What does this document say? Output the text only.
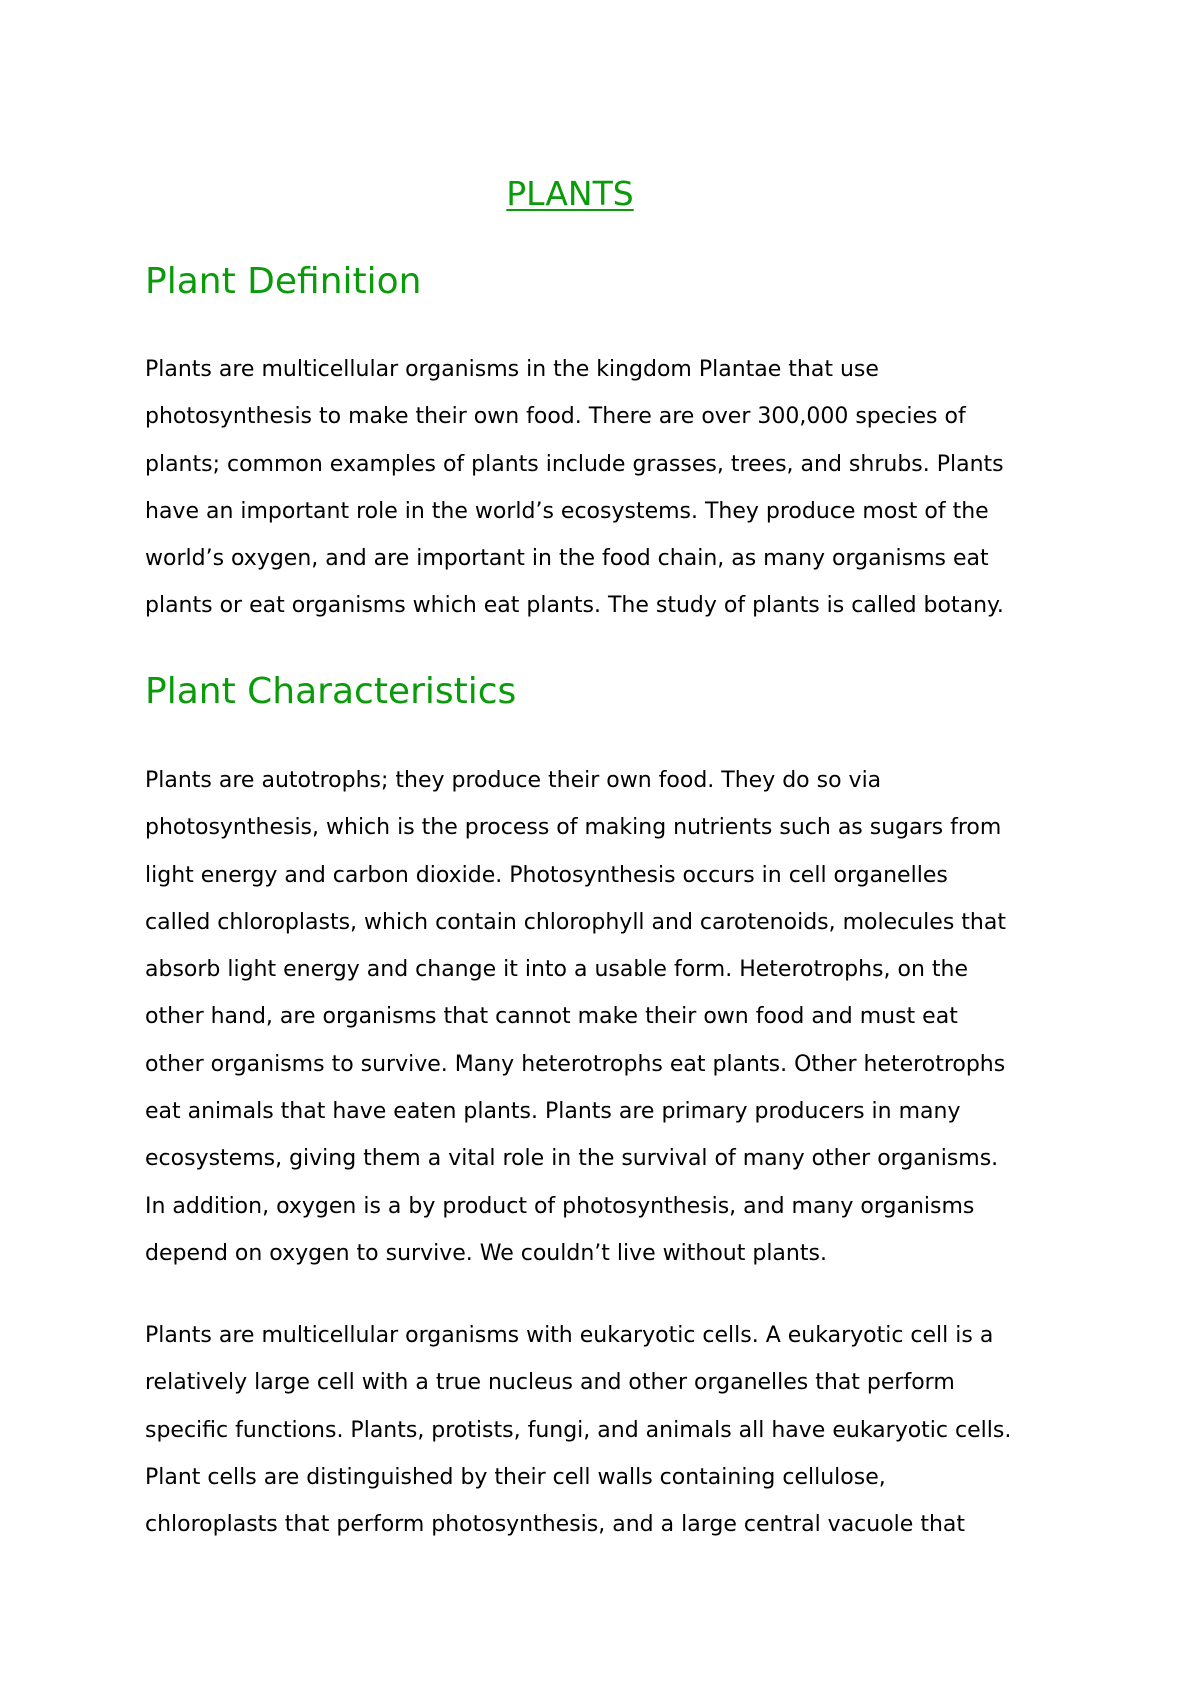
PLANTS
Plant Definition

Plants are multicellular organisms in the kingdom Plantae that use
photosynthesis to make their own food. There are over 300,000 species of
plants; common examples of plants include grasses, trees, and shrubs. Plants
have an important role in the world’s ecosystems. They produce most of the
world’s oxygen, and are important in the food chain, as many organisms eat
plants or eat organisms which eat plants. The study of plants is called botany.

Plant Characteristics

Plants are autotrophs; they produce their own food. They do so via
photosynthesis, which is the process of making nutrients such as sugars from
light energy and carbon dioxide. Photosynthesis occurs in cell organelles
called chloroplasts, which contain chlorophyll and carotenoids, molecules that
absorb light energy and change it into a usable form. Heterotrophs, on the
other hand, are organisms that cannot make their own food and must eat
other organisms to survive. Many heterotrophs eat plants. Other heterotrophs
eat animals that have eaten plants. Plants are primary producers in many
ecosystems, giving them a vital role in the survival of many other organisms.
In addition, oxygen is a by product of photosynthesis, and many organisms
depend on oxygen to survive. We couldn’t live without plants.

Plants are multicellular organisms with eukaryotic cells. A eukaryotic cell is a
relatively large cell with a true nucleus and other organelles that perform
specific functions. Plants, protists, fungi, and animals all have eukaryotic cells.
Plant cells are distinguished by their cell walls containing cellulose,
chloroplasts that perform photosynthesis, and a large central vacuole that
